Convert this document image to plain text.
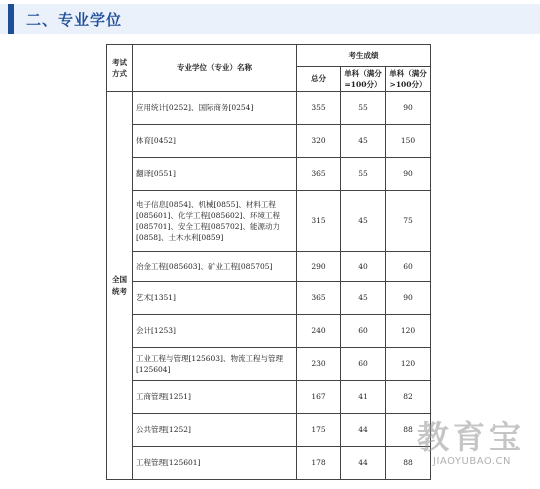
二、专业学位
考试方式	专业学位（专业）名称	考生成绩		
		总分	单科（满分=100分）	单科（满分>100分）
全国统考	应用统计[0252]、国际商务[0254]	355	55	90
	体育[0452]	320	45	150
	翻译[0551]	365	55	90
	电子信息[0854]、机械[0855]、材料工程[085601]、化学工程[085602]、环境工程[085701]、安全工程[085702]、能源动力[0858]、土木水利[0859]	315	45	75
	冶金工程[085603]、矿业工程[085705]	290	40	60
	艺术[1351]	365	45	90
	会计[1253]	240	60	120
	工业工程与管理[125603]、物流工程与管理[125604]	230	60	120
	工商管理[1251]	167	41	82
	公共管理[1252]	175	44	88
	工程管理[125601]	178	44	88
教育宝
JIAOYUBAO.CN
